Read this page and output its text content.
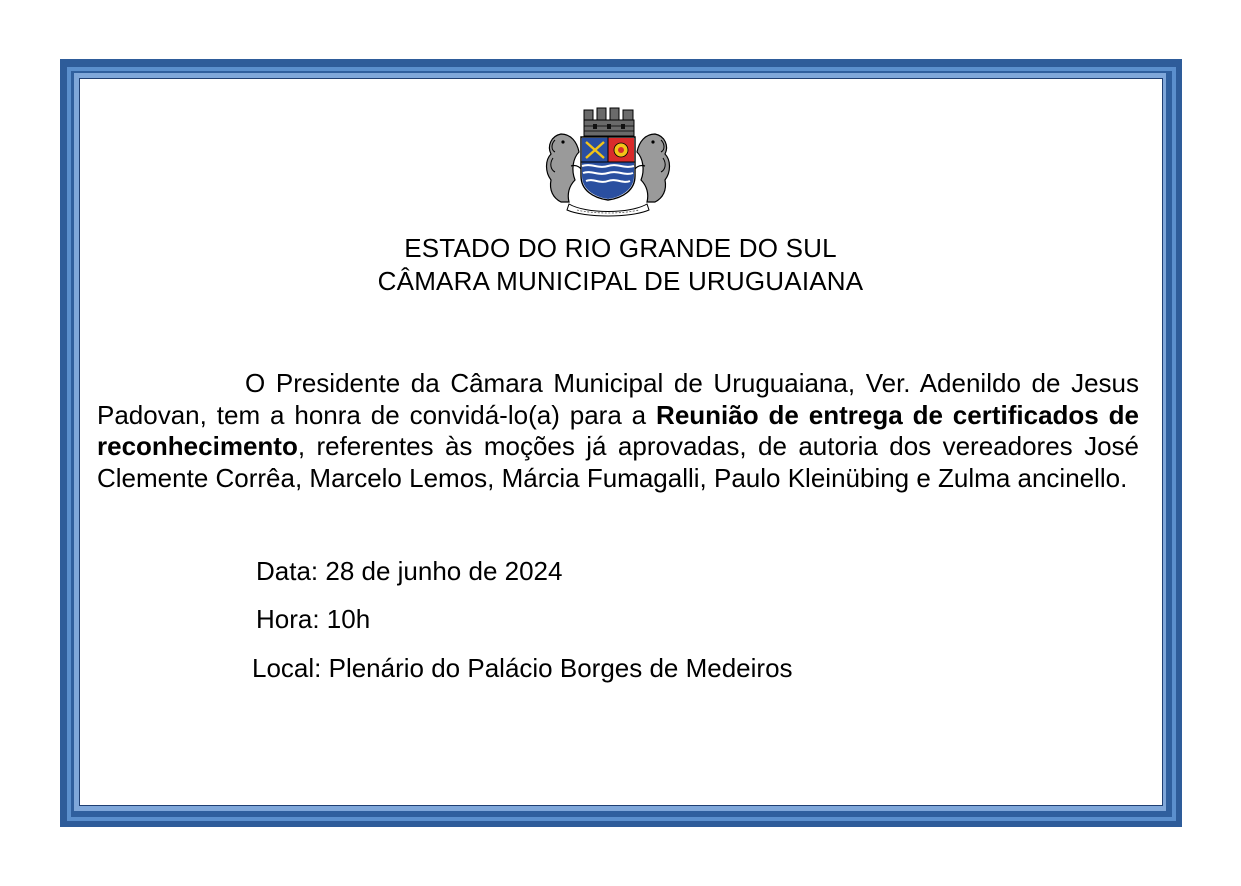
ESTADO DO RIO GRANDE DO SUL
CÂMARA MUNICIPAL DE URUGUAIANA
O Presidente da Câmara Municipal de Uruguaiana, Ver. Adenildo de Jesus Padovan, tem a honra de convidá-lo(a) para a Reunião de entrega de certificados de reconhecimento, referentes às moções já aprovadas, de autoria dos vereadores José Clemente Corrêa, Marcelo Lemos, Márcia Fumagalli, Paulo Kleinübing e Zulma ancinello.
Data: 28 de junho de 2024
Hora: 10h
Local: Plenário do Palácio Borges de Medeiros
